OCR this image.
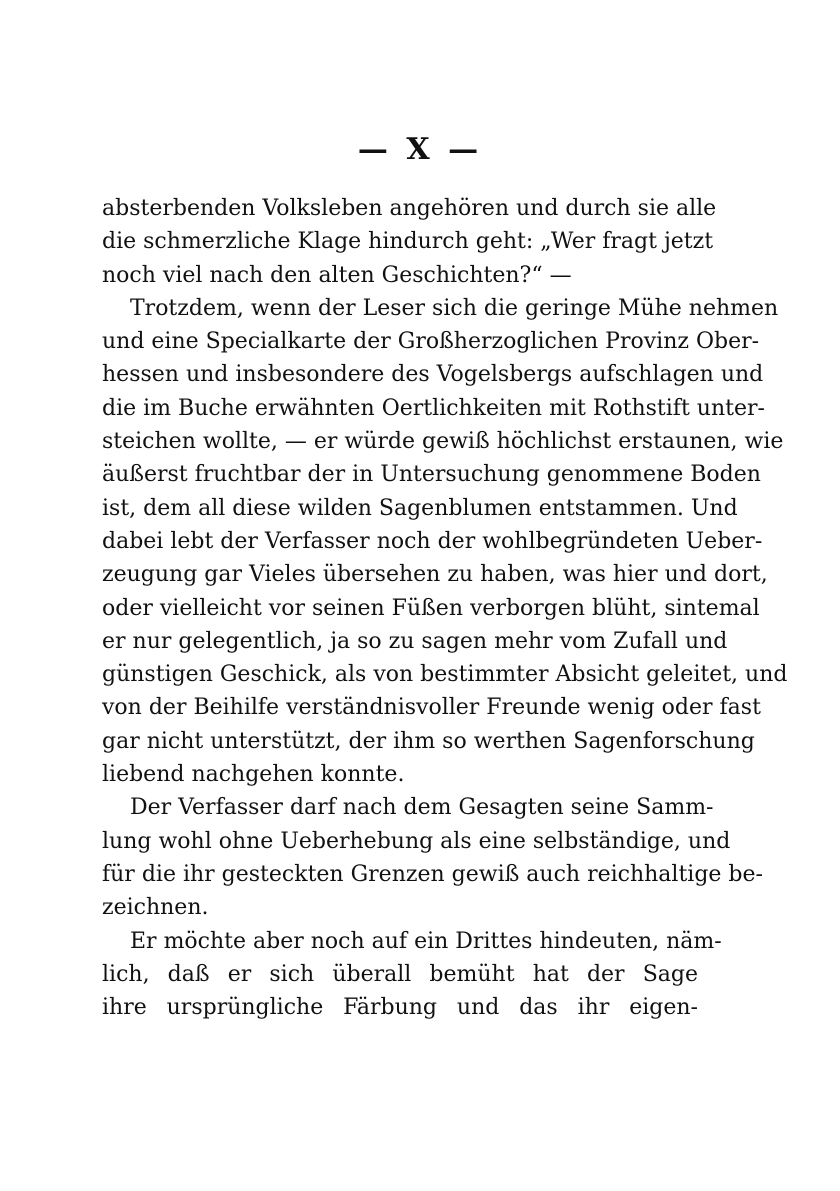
— X —
absterbenden Volksleben angehören und durch sie alle
die schmerzliche Klage hindurch geht: „Wer fragt jetzt
noch viel nach den alten Geschichten?“ —
Trotzdem, wenn der Leser sich die geringe Mühe nehmen
und eine Specialkarte der Großherzoglichen Provinz Ober-
hessen und insbesondere des Vogelsbergs aufschlagen und
die im Buche erwähnten Oertlichkeiten mit Rothstift unter-
steichen wollte, — er würde gewiß höchlichst erstaunen, wie
äußerst fruchtbar der in Untersuchung genommene Boden
ist, dem all diese wilden Sagenblumen entstammen. Und
dabei lebt der Verfasser noch der wohlbegründeten Ueber-
zeugung gar Vieles übersehen zu haben, was hier und dort,
oder vielleicht vor seinen Füßen verborgen blüht, sintemal
er nur gelegentlich, ja so zu sagen mehr vom Zufall und
günstigen Geschick, als von bestimmter Absicht geleitet, und
von der Beihilfe verständnisvoller Freunde wenig oder fast
gar nicht unterstützt, der ihm so werthen Sagenforschung
liebend nachgehen konnte.
Der Verfasser darf nach dem Gesagten seine Samm-
lung wohl ohne Ueberhebung als eine selbständige, und
für die ihr gesteckten Grenzen gewiß auch reichhaltige be-
zeichnen.
Er möchte aber noch auf ein Drittes hindeuten, näm-
lich, daß er sich überall bemüht hat der Sage
ihre ursprüngliche Färbung und das ihr eigen-
